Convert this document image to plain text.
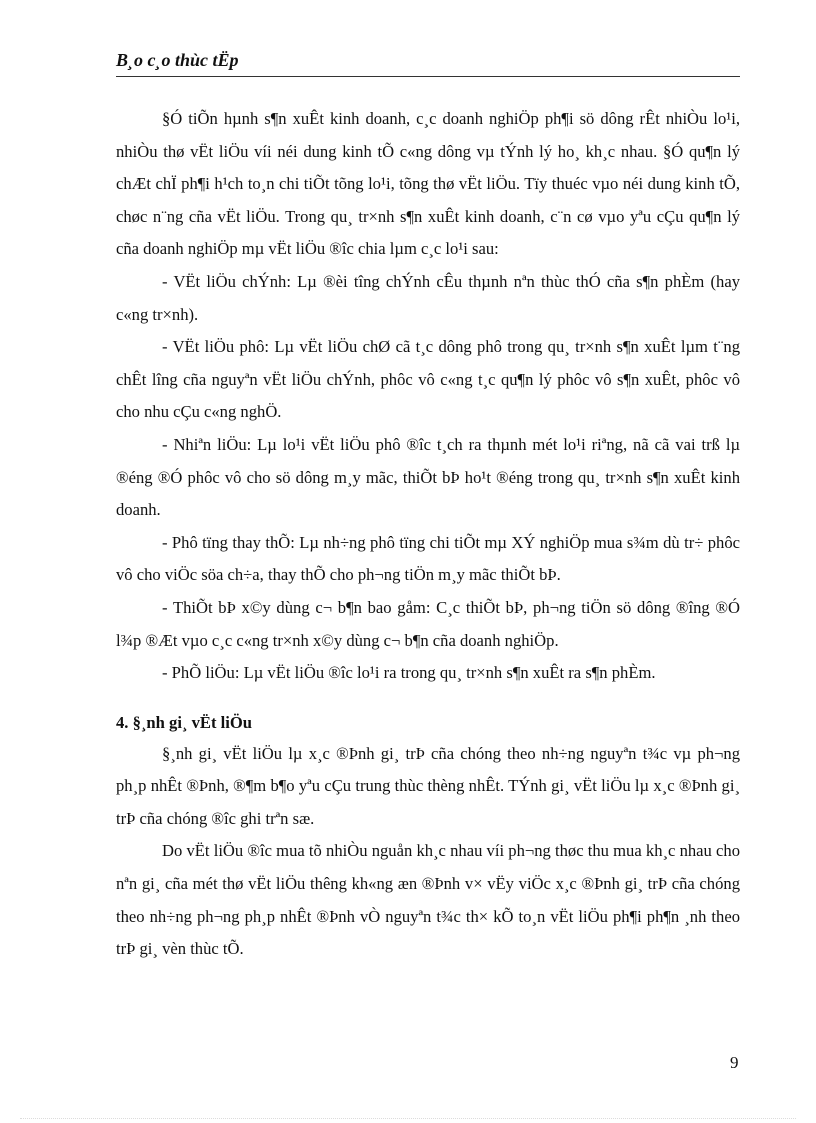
B¸o c¸o thùc tËp

§Ó tiÕn hµnh s¶n xuÊt kinh doanh, c¸c doanh nghiÖp ph¶i sö dông rÊt nhiÒu lo¹i, nhiÒu thø vËt liÖu víi néi dung kinh tÕ c«ng dông vµ tÝnh lý ho¸ kh¸c nhau. §Ó qu¶n lý chÆt chÏ ph¶i h¹ch to¸n chi tiÕt tõng lo¹i, tõng thø vËt liÖu. Tïy thuéc vµo néi dung kinh tÕ, chøc n¨ng cña vËt liÖu. Trong qu¸ tr×nh s¶n xuÊt kinh doanh, c¨n cø vµo yªu cÇu qu¶n lý cña doanh nghiÖp mµ vËt liÖu ®îc chia lµm c¸c lo¹i sau:

- VËt liÖu chÝnh: Lµ ®èi tîng chÝnh cÊu thµnh nªn thùc thÓ cña s¶n phÈm (hay c«ng tr×nh).

- VËt liÖu phô: Lµ vËt liÖu chØ cã t¸c dông phô trong qu¸ tr×nh s¶n xuÊt lµm t¨ng chÊt lîng cña nguyªn vËt liÖu chÝnh, phôc vô c«ng t¸c qu¶n lý phôc vô s¶n xuÊt, phôc vô cho nhu cÇu c«ng nghÖ.

- Nhiªn liÖu: Lµ lo¹i vËt liÖu phô ®îc t¸ch ra thµnh mét lo¹i riªng, nã cã vai trß lµ ®éng ®Ó phôc vô cho sö dông m¸y mãc, thiÕt bÞ ho¹t ®éng trong qu¸ tr×nh s¶n xuÊt kinh doanh.

- Phô tïng thay thÕ: Lµ nh÷ng phô tïng chi tiÕt mµ XÝ nghiÖp mua s¾m dù tr÷ phôc vô cho viÖc söa ch÷a, thay thÕ cho ph¬ng tiÖn m¸y mãc thiÕt bÞ.

- ThiÕt bÞ x©y dùng c¬ b¶n bao gåm: C¸c thiÕt bÞ, ph¬ng tiÖn sö dông ®îng ®Ó l¾p ®Æt vµo c¸c c«ng tr×nh x©y dùng c¬ b¶n cña doanh nghiÖp.

- PhÕ liÖu: Lµ vËt liÖu ®îc lo¹i ra trong qu¸ tr×nh s¶n xuÊt ra s¶n phÈm.

4. §¸nh gi¸ vËt liÖu

§¸nh gi¸ vËt liÖu lµ x¸c ®Þnh gi¸ trÞ cña chóng theo nh÷ng nguyªn t¾c vµ ph¬ng ph¸p nhÊt ®Þnh, ®¶m b¶o yªu cÇu trung thùc thèng nhÊt. TÝnh gi¸ vËt liÖu lµ x¸c ®Þnh gi¸ trÞ cña chóng ®îc ghi trªn sæ.

Do vËt liÖu ®îc mua tõ nhiÒu nguån kh¸c nhau víi ph¬ng thøc thu mua kh¸c nhau cho nªn gi¸ cña mét thø vËt liÖu thêng kh«ng æn ®Þnh v× vËy viÖc x¸c ®Þnh gi¸ trÞ cña chóng theo nh÷ng ph¬ng ph¸p nhÊt ®Þnh vÒ nguyªn t¾c th× kÕ to¸n vËt liÖu ph¶i ph¶n ¸nh theo trÞ gi¸ vèn thùc tÕ.

9
